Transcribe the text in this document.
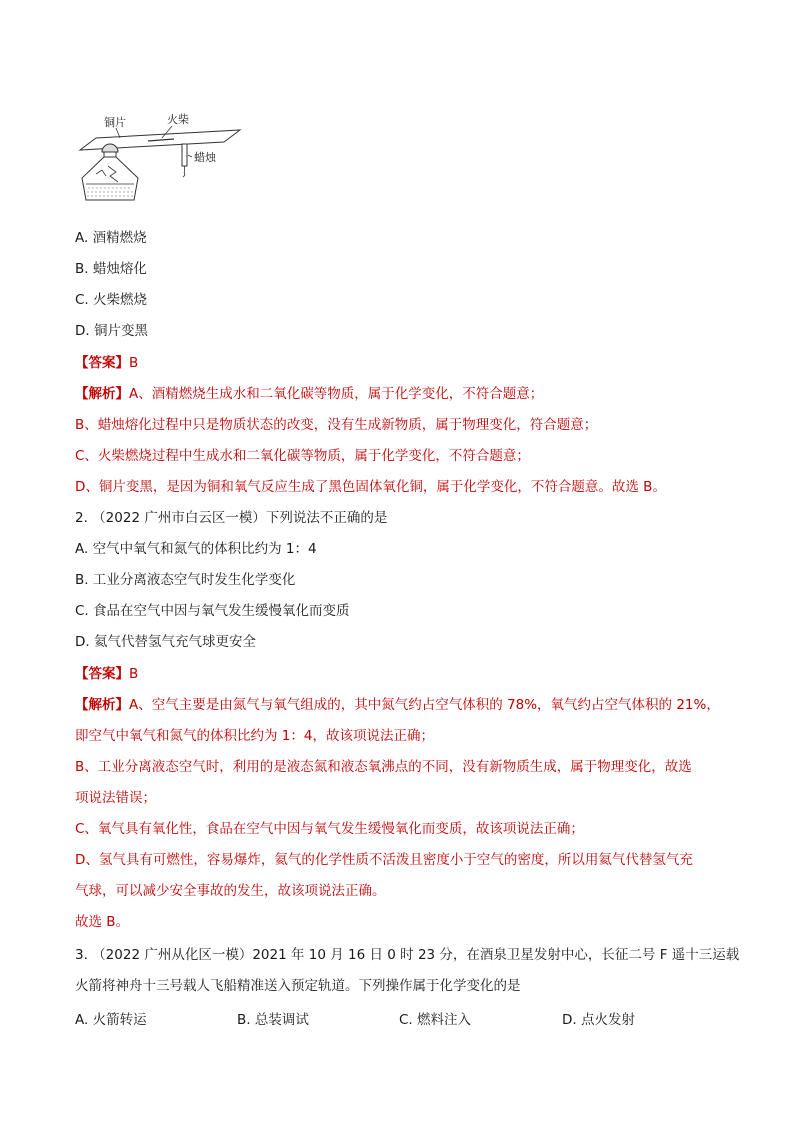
铜片	火柴
蜡烛
A. 酒精燃烧
B. 蜡烛熔化
C. 火柴燃烧
D. 铜片变黑
【答案】B
【解析】A、酒精燃烧生成水和二氧化碳等物质，属于化学变化，不符合题意；
B、蜡烛熔化过程中只是物质状态的改变，没有生成新物质，属于物理变化，符合题意；
C、火柴燃烧过程中生成水和二氧化碳等物质，属于化学变化，不符合题意；
D、铜片变黑，是因为铜和氧气反应生成了黑色固体氧化铜，属于化学变化，不符合题意。故选 B。
2. （2022 广州市白云区一模）下列说法不正确的是
A. 空气中氧气和氮气的体积比约为 1：4
B. 工业分离液态空气时发生化学变化
C. 食品在空气中因与氧气发生缓慢氧化而变质
D. 氦气代替氢气充气球更安全
【答案】B
【解析】A、空气主要是由氮气与氧气组成的，其中氮气约占空气体积的 78%，氧气约占空气体积的 21%，
即空气中氧气和氮气的体积比约为 1：4，故该项说法正确；
B、工业分离液态空气时，利用的是液态氮和液态氧沸点的不同，没有新物质生成，属于物理变化，故选
项说法错误；
C、氧气具有氧化性，食品在空气中因与氧气发生缓慢氧化而变质，故该项说法正确；
D、氢气具有可燃性，容易爆炸，氦气的化学性质不活泼且密度小于空气的密度，所以用氦气代替氢气充
气球，可以减少安全事故的发生，故该项说法正确。
故选 B。
3. （2022 广州从化区一模）2021 年 10 月 16 日 0 时 23 分，在酒泉卫星发射中心，长征二号 F 遥十三运载
火箭将神舟十三号载人飞船精准送入预定轨道。下列操作属于化学变化的是
A. 火箭转运	B. 总装调试	C. 燃料注入	D. 点火发射
